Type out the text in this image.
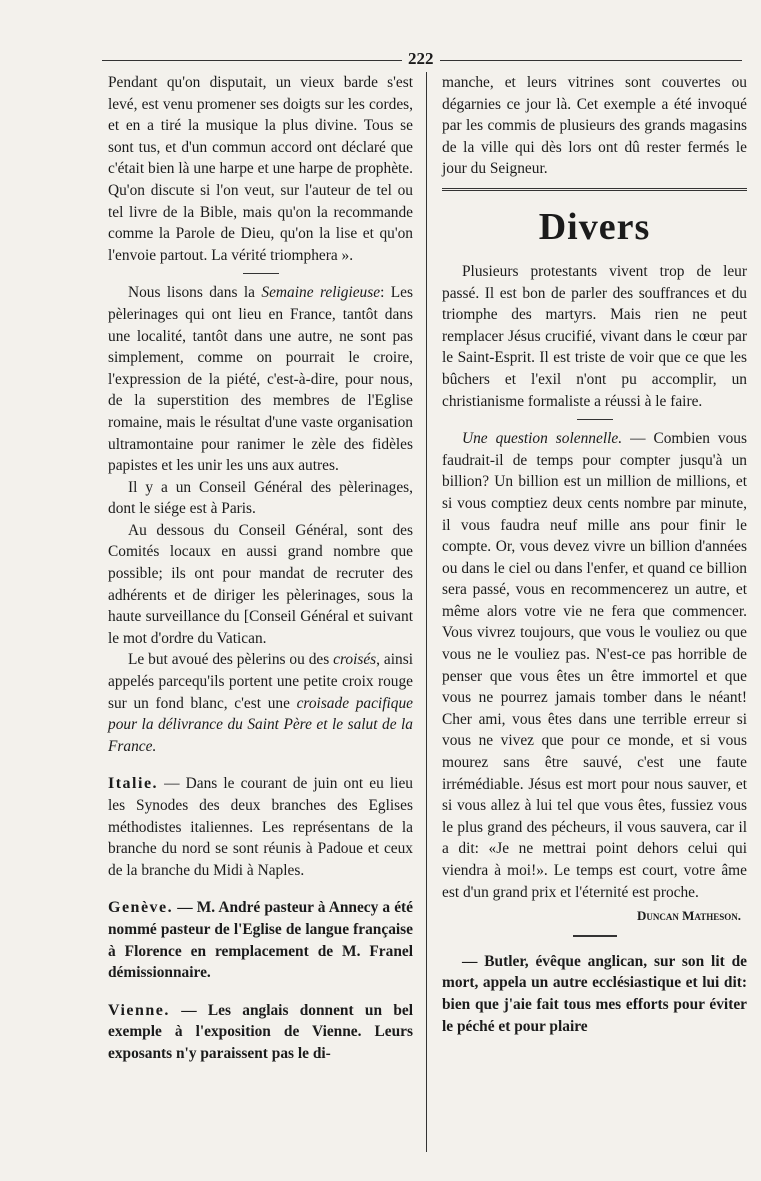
222

Pendant qu'on disputait, un vieux barde s'est levé, est venu promener ses doigts sur les cordes, et en a tiré la musique la plus divine. Tous se sont tus, et d'un commun accord ont déclaré que c'était bien là une harpe et une harpe de prophète. Qu'on discute si l'on veut, sur l'auteur de tel ou tel livre de la Bible, mais qu'on la recommande comme la Parole de Dieu, qu'on la lise et qu'on l'envoie partout. La vérité triomphera ».

Nous lisons dans la Semaine religieuse: Les pèlerinages qui ont lieu en France, tantôt dans une localité, tantôt dans une autre, ne sont pas simplement, comme on pourrait le croire, l'expression de la piété, c'est-à-dire, pour nous, de la superstition des membres de l'Eglise romaine, mais le résultat d'une vaste organisation ultramontaine pour ranimer le zèle des fidèles papistes et les unir les uns aux autres.

Il y a un Conseil Général des pèlerinages, dont le siége est à Paris.

Au dessous du Conseil Général, sont des Comités locaux en aussi grand nombre que possible; ils ont pour mandat de recruter des adhérents et de diriger les pèlerinages, sous la haute surveillance du [Conseil Général et suivant le mot d'ordre du Vatican.

Le but avoué des pèlerins ou des croisés, ainsi appelés parcequ'ils portent une petite croix rouge sur un fond blanc, c'est une croisade pacifique pour la délivrance du Saint Père et le salut de la France.

Italie. — Dans le courant de juin ont eu lieu les Synodes des deux branches des Eglises méthodistes italiennes. Les représentans de la branche du nord se sont réunis à Padoue et ceux de la branche du Midi à Naples.

Genève. — M. André pasteur à Annecy a été nommé pasteur de l'Eglise de langue française à Florence en remplacement de M. Franel démissionnaire.

Vienne. — Les anglais donnent un bel exemple à l'exposition de Vienne. Leurs exposants n'y paraissent pas le di-

manche, et leurs vitrines sont couvertes ou dégarnies ce jour là. Cet exemple a été invoqué par les commis de plusieurs des grands magasins de la ville qui dès lors ont dû rester fermés le jour du Seigneur.

Divers

Plusieurs protestants vivent trop de leur passé. Il est bon de parler des souffrances et du triomphe des martyrs. Mais rien ne peut remplacer Jésus crucifié, vivant dans le cœur par le Saint-Esprit. Il est triste de voir que ce que les bûchers et l'exil n'ont pu accomplir, un christianisme formaliste a réussi à le faire.

Une question solennelle. — Combien vous faudrait-il de temps pour compter jusqu'à un billion? Un billion est un million de millions, et si vous comptiez deux cents nombre par minute, il vous faudra neuf mille ans pour finir le compte. Or, vous devez vivre un billion d'années ou dans le ciel ou dans l'enfer, et quand ce billion sera passé, vous en recommencerez un autre, et même alors votre vie ne fera que commencer. Vous vivrez toujours, que vous le vouliez ou que vous ne le vouliez pas. N'est-ce pas horrible de penser que vous êtes un être immortel et que vous ne pourrez jamais tomber dans le néant! Cher ami, vous êtes dans une terrible erreur si vous ne vivez que pour ce monde, et si vous mourez sans être sauvé, c'est une faute irrémédiable. Jésus est mort pour nous sauver, et si vous allez à lui tel que vous êtes, fussiez vous le plus grand des pécheurs, il vous sauvera, car il a dit: «Je ne mettrai point dehors celui qui viendra à moi!». Le temps est court, votre âme est d'un grand prix et l'éternité est proche.

Duncan Matheson.

— Butler, évêque anglican, sur son lit de mort, appela un autre ecclésiastique et lui dit: bien que j'aie fait tous mes efforts pour éviter le péché et pour plaire
